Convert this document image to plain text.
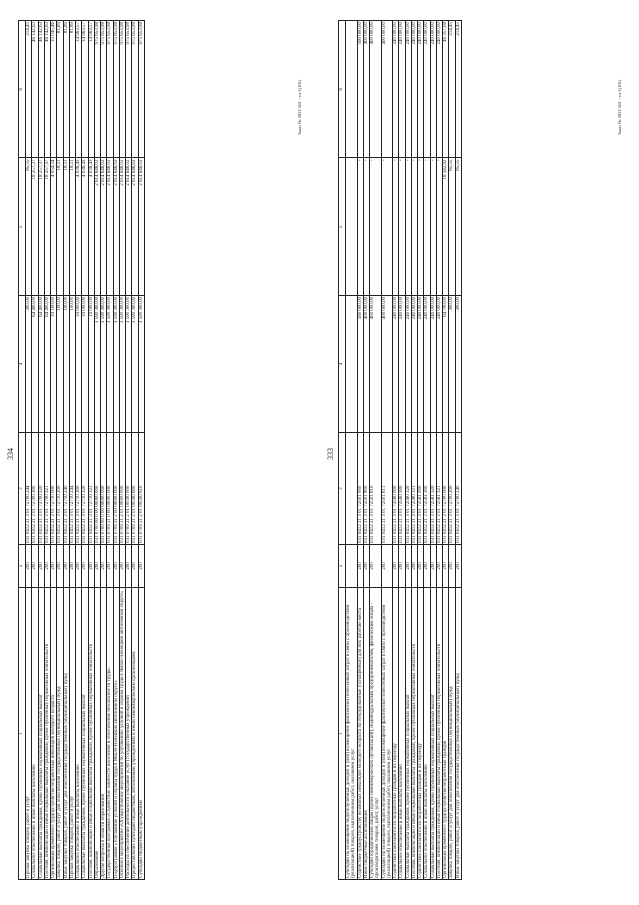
334
1	2	3	4	5	6
Прочая закупка товаров, работ и услуг	200	031 0412 21 3 01 72700 244	300,00	85,55	214,45
Социальное обеспечение и иные выплаты населению	200	031 0412 21 3 01 72700 300	64 400,00	18 257,37	46 142,63
Социальные выплаты гражданам, кроме публичных нормативных социальных выплат	200	031 0412 21 3 01 72700 320	64 400,00	18 257,37	46 142,63
Пособия, компенсации и иные социальные выплаты гражданам, кроме публичных нормативных обязательств	200	031 0412 21 3 01 72700 321	64 400,00	18 257,37	46 142,63
Организация временного трудоустройства безработных инвалидов молодого возраста	200	031 0412 21 3 01 72710 000	19 100,00	4 054,54	15 045,46
Закупка товаров, работ и услуг для обеспечения государственных (муниципальных) нужд	200	031 0412 21 3 01 72710 200	100,00	18,11	81,89
Иные закупки товаров, работ и услуг для обеспечения государственных (муниципальных) нужд	200	031 0412 21 3 01 72710 240	100,00	18,11	81,89
Прочая закупка товаров, работ и услуг	200	031 0412 21 3 01 72710 244	100,00	18,11	81,89
Социальное обеспечение и иные выплаты населению	200	031 0412 21 3 01 72710 300	19 000,00	4 036,43	14 963,57
Социальные выплаты гражданам, кроме публичных нормативных социальных выплат	200	031 0412 21 3 01 72710 320	19 000,00	4 036,43	14 963,57
Пособия, компенсации и иные социальные выплаты гражданам, кроме публичных нормативных обязательств	200	031 0412 21 3 01 72710 321	19 000,00	4 036,43	14 963,57
Образование	200	031 0700 00 0 00 00000 000	3 590 300,00	2 614 646,02	975 653,98
Другие вопросы в области образования	200	031 0709 00 0 00 00000 000	3 590 300,00	2 614 646,02	975 653,98
Государственная программа «Содействие занятости населения и обеспечение безопасности труда»	200	031 0709 21 0 00 00000 000	3 590 300,00	2 614 646,02	975 653,98
Подпрограмма «Улучшение условий и охраны труда в Ямало-Ненецком автономном округе»	200	031 0709 21 2 00 00000 000	3 590 300,00	2 614 646,02	975 653,98
Основное мероприятие «Осуществление мероприятий по улучшению условий и охраны труда в Ямало-Ненецком автономном округе»	200	031 0709 21 2 01 00000 000	3 590 300,00	2 614 646,02	975 653,98
Расходы на обеспечение деятельности (оказание услуг) государственных учреждений	200	031 0709 21 2 01 00590 000	3 590 300,00	2 614 646,02	975 653,98
Предоставление субсидий бюджетным, автономным учреждениям и иным некоммерческим организациям	200	031 0709 21 2 01 00590 600	3 590 300,00	2 614 646,02	975 653,98
Субсидии бюджетным учреждениям	200	031 0709 21 2 01 00590 610	3 590 300,00	2 614 646,02	975 653,98
Заказ № 2021-581 - то-1(101)
333
1	2	3	4	5	6
Субсидии на возмещение недополученных доходов и (или) возмещение фактически понесенных затрат в связи с производством (реализацией) товаров, выполнением работ, оказанием услуг					
Содействие трудоустройству незанятых инвалидов молодого возраста на оборудованные (оснащенные) для них рабочие места	200	031 0412 21 3 01 72501 000	560 000,00	-	560 000,00
Иные бюджетные ассигнования	200	031 0412 21 3 01 72501 800	400 000,00	-	400 000,00
Субсидии юридическим лицам (кроме некоммерческих организаций), индивидуальным предпринимателям, физическим лицам – производителям товаров, работ, услуг	200	031 0412 21 3 01 72501 810	400 000,00	-	400 000,00
Субсидии на возмещение недополученных доходов и (или) возмещение фактически понесенных затрат в связи с производством (реализацией) товаров, выполнением работ, оказанием услуг	200	031 0412 21 3 01 72501 811	400 000,00	-	400 000,00
Содействие самозанятости безработных граждан и их переезду	200	031 0412 21 3 01 72560 000	240 000,00	-	240 000,00
Социальное обеспечение и иные выплаты населению	200	031 0412 21 3 01 72560 300	240 000,00	-	240 000,00
Социальные выплаты гражданам, кроме публичных нормативных социальных выплат	200	031 0412 21 3 01 72560 320	240 000,00	-	240 000,00
Пособия, компенсации и иные социальные выплаты гражданам, кроме публичных нормативных обязательств	200	031 0412 21 3 01 72560 321	240 000,00	-	240 000,00
Содействие самозанятости безработных граждан и их переезду	200	031 0412 21 3 01 72561 000	240 000,00	-	240 000,00
Социальное обеспечение и иные выплаты населению	200	031 0412 21 3 01 72561 300	240 000,00	-	240 000,00
Социальные выплаты гражданам, кроме публичных нормативных социальных выплат	200	031 0412 21 3 01 72561 320	240 000,00	-	240 000,00
Пособия, компенсации и иные социальные выплаты гражданам, кроме публичных нормативных обязательств	200	031 0412 21 3 01 72561 321	240 000,00	-	240 000,00
Организация временного трудоустройства безработных граждан	200	031 0412 21 3 01 72700 000	64 700,00	18 342,92	46 357,08
Закупка товаров, работ и услуг для обеспечения государственных (муниципальных) нужд	200	031 0412 21 3 01 72700 200	300,00	85,55	214,45
Иные закупки товаров, работ и услуг для обеспечения государственных (муниципальных) нужд	200	031 0412 21 3 01 72700 240	300,00	85,55	214,45
Заказ № 2021-581 - то-1(101)
